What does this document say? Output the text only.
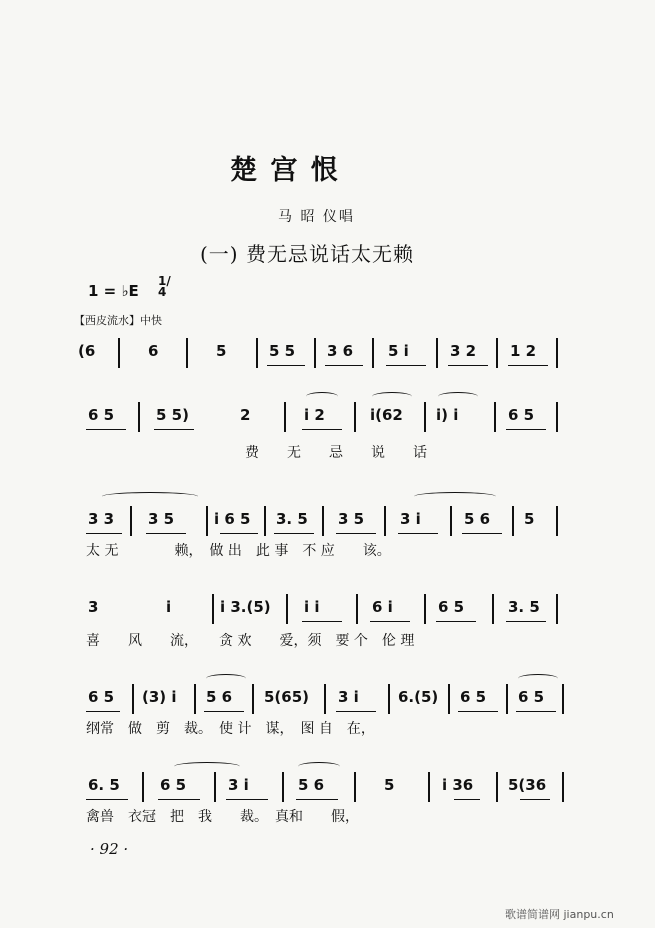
楚 宫 恨
马 昭 仪唱
(一) 费无忌说话太无赖
1 = ♭E
1/4
【西皮流水】中快
(6	6	5	5 5 3 6 5 i	3 2 1 2
6 5	5 5)	2	i 2	i(62 i) i	6 5
费　　无　　忌　　说　　话
3 3 3 5	i 6 5 3. 5 3 5 3 i	5 6 5
太 无　　　　赖，　做 出　此 事　不 应　　该。
3	i	i 3.(5) i i	6 i	6 5	3. 5
喜　　风　　流，　　贪 欢　　爱，须　要 个　伦 理
6 5 (3) i 5 6 5(65) 3 i	6.(5) 6 5 6 5
纲常　做　剪　裁。　使 计　谋，　图 自　在，
6. 5	6 5	3 i	5 6	5	i 36 5(36
禽兽　衣冠　把　我　　裁。　真和　　假，
· 92 ·
歌谱简谱网 jianpu.cn
